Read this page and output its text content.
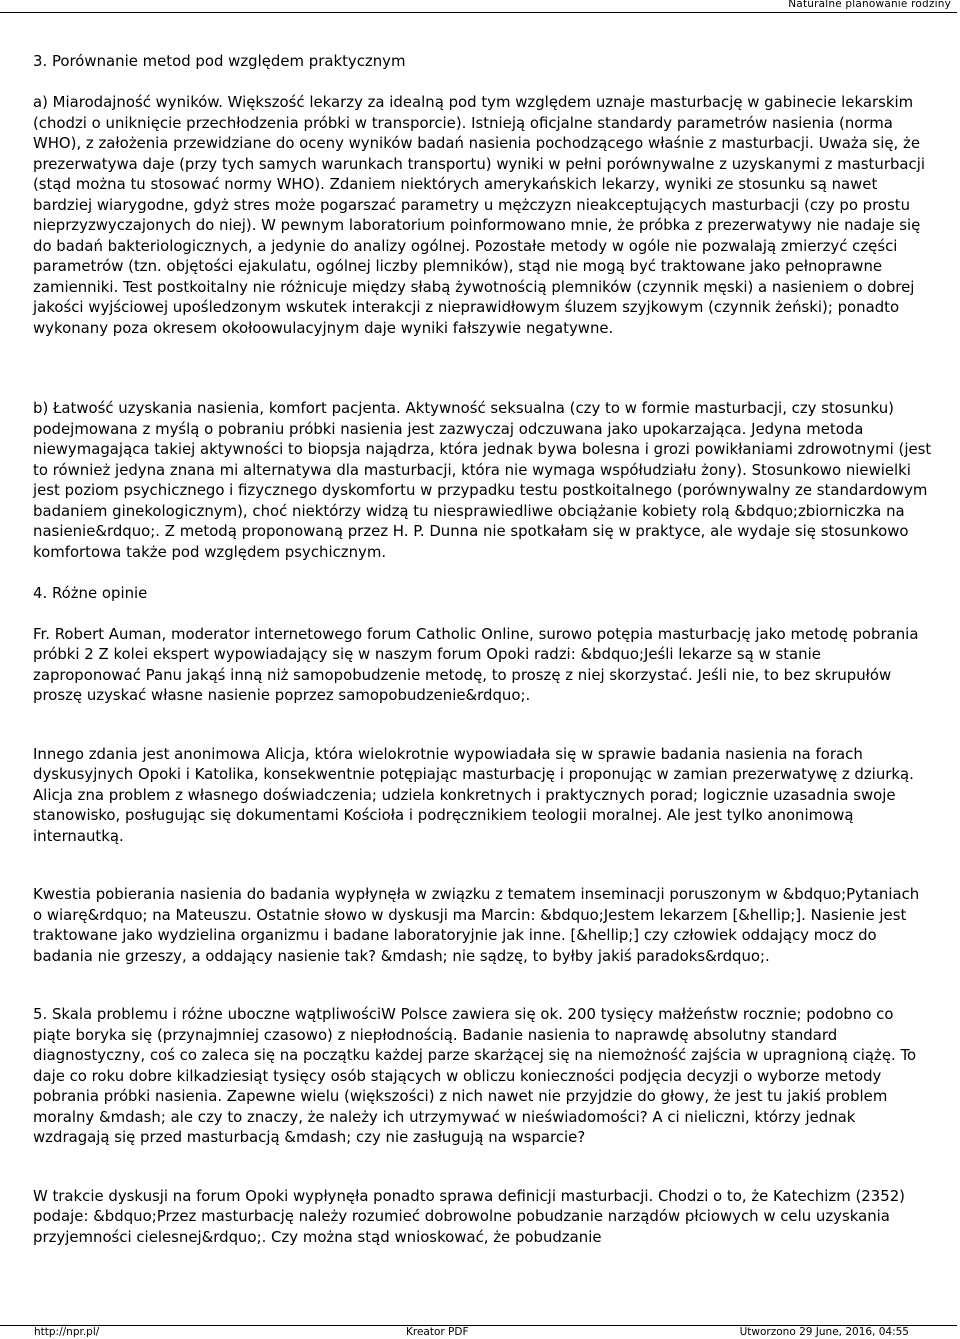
Naturalne planowanie rodziny

3. Porównanie metod pod względem praktycznym

a) Miarodajność wyników. Większość lekarzy za idealną pod tym względem uznaje masturbację w gabinecie lekarskim (chodzi o uniknięcie przechłodzenia próbki w transporcie). Istnieją oficjalne standardy parametrów nasienia (norma WHO), z założenia przewidziane do oceny wyników badań nasienia pochodzącego właśnie z masturbacji. Uważa się, że prezerwatywa daje (przy tych samych warunkach transportu) wyniki w pełni porównywalne z uzyskanymi z masturbacji (stąd można tu stosować normy WHO). Zdaniem niektórych amerykańskich lekarzy, wyniki ze stosunku są nawet bardziej wiarygodne, gdyż stres może pogarszać parametry u mężczyzn nieakceptujących masturbacji (czy po prostu nieprzyzwyczajonych do niej). W pewnym laboratorium poinformowano mnie, że próbka z prezerwatywy nie nadaje się do badań bakteriologicznych, a jedynie do analizy ogólnej. Pozostałe metody w ogóle nie pozwalają zmierzyć części parametrów (tzn. objętości ejakulatu, ogólnej liczby plemników), stąd nie mogą być traktowane jako pełnoprawne zamienniki. Test postkoitalny nie różnicuje między słabą żywotnością plemników (czynnik męski) a nasieniem o dobrej jakości wyjściowej upośledzonym wskutek interakcji z nieprawidłowym śluzem szyjkowym (czynnik żeński); ponadto wykonany poza okresem okołoowulacyjnym daje wyniki fałszywie negatywne.

b) Łatwość uzyskania nasienia, komfort pacjenta. Aktywność seksualna (czy to w formie masturbacji, czy stosunku) podejmowana z myślą o pobraniu próbki nasienia jest zazwyczaj odczuwana jako upokarzająca. Jedyna metoda niewymagająca takiej aktywności to biopsja najądrza, która jednak bywa bolesna i grozi powikłaniami zdrowotnymi (jest to również jedyna znana mi alternatywa dla masturbacji, która nie wymaga współudziału żony). Stosunkowo niewielki jest poziom psychicznego i fizycznego dyskomfortu w przypadku testu postkoitalnego (porównywalny ze standardowym badaniem ginekologicznym), choć niektórzy widzą tu niesprawiedliwe obciążanie kobiety rolą &bdquo;zbiorniczka na nasienie&rdquo;. Z metodą proponowaną przez H. P. Dunna nie spotkałam się w praktyce, ale wydaje się stosunkowo komfortowa także pod względem psychicznym.

4. Różne opinie

Fr. Robert Auman, moderator internetowego forum Catholic Online, surowo potępia masturbację jako metodę pobrania próbki 2 Z kolei ekspert wypowiadający się w naszym forum Opoki radzi: &bdquo;Jeśli lekarze są w stanie zaproponować Panu jakąś inną niż samopobudzenie metodę, to proszę z niej skorzystać. Jeśli nie, to bez skrupułów proszę uzyskać własne nasienie poprzez samopobudzenie&rdquo;.

Innego zdania jest anonimowa Alicja, która wielokrotnie wypowiadała się w sprawie badania nasienia na forach dyskusyjnych Opoki i Katolika, konsekwentnie potępiając masturbację i proponując w zamian prezerwatywę z dziurką. Alicja zna problem z własnego doświadczenia; udziela konkretnych i praktycznych porad; logicznie uzasadnia swoje stanowisko, posługując się dokumentami Kościoła i podręcznikiem teologii moralnej. Ale jest tylko anonimową internautką.

Kwestia pobierania nasienia do badania wypłynęła w związku z tematem inseminacji poruszonym w &bdquo;Pytaniach o wiarę&rdquo; na Mateuszu. Ostatnie słowo w dyskusji ma Marcin: &bdquo;Jestem lekarzem [&hellip;]. Nasienie jest traktowane jako wydzielina organizmu i badane laboratoryjnie jak inne. [&hellip;] czy człowiek oddający mocz do badania nie grzeszy, a oddający nasienie tak? &mdash; nie sądzę, to byłby jakiś paradoks&rdquo;.

5. Skala problemu i różne uboczne wątpliwościW Polsce zawiera się ok. 200 tysięcy małżeństw rocznie; podobno co piąte boryka się (przynajmniej czasowo) z niepłodnością. Badanie nasienia to naprawdę absolutny standard diagnostyczny, coś co zaleca się na początku każdej parze skarżącej się na niemożność zajścia w upragnioną ciążę. To daje co roku dobre kilkadziesiąt tysięcy osób stających w obliczu konieczności podjęcia decyzji o wyborze metody pobrania próbki nasienia. Zapewne wielu (większości) z nich nawet nie przyjdzie do głowy, że jest tu jakiś problem moralny &mdash; ale czy to znaczy, że należy ich utrzymywać w nieświadomości? A ci nieliczni, którzy jednak wzdragają się przed masturbacją &mdash; czy nie zasługują na wsparcie?

W trakcie dyskusji na forum Opoki wypłynęła ponadto sprawa definicji masturbacji. Chodzi o to, że Katechizm (2352) podaje: &bdquo;Przez masturbację należy rozumieć dobrowolne pobudzanie narządów płciowych w celu uzyskania przyjemności cielesnej&rdquo;. Czy można stąd wnioskować, że pobudzanie

http://npr.pl/	Kreator PDF	Utworzono 29 June, 2016, 04:55
